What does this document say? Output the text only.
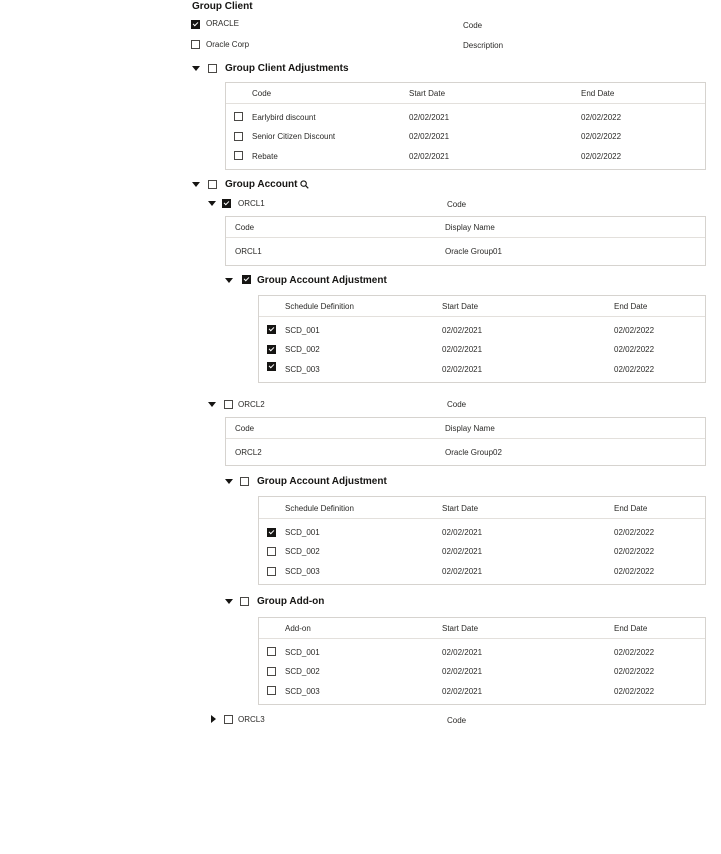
Group Client
ORACLE	Code
Oracle Corp	Description
Group Client Adjustments
Code	Start Date	End Date
Earlybird discount	02/02/2021	02/02/2022
Senior Citizen Discount	02/02/2021	02/02/2022
Rebate	02/02/2021	02/02/2022
Group Account
ORCL1	Code
Code	Display Name
ORCL1	Oracle Group01
Group Account Adjustment
Schedule Definition	Start Date	End Date
SCD_001	02/02/2021	02/02/2022
SCD_002	02/02/2021	02/02/2022
SCD_003	02/02/2021	02/02/2022
ORCL2	Code
Code	Display Name
ORCL2	Oracle Group02
Group Account Adjustment
Schedule Definition	Start Date	End Date
SCD_001	02/02/2021	02/02/2022
SCD_002	02/02/2021	02/02/2022
SCD_003	02/02/2021	02/02/2022
Group Add-on
Add-on	Start Date	End Date
SCD_001	02/02/2021	02/02/2022
SCD_002	02/02/2021	02/02/2022
SCD_003	02/02/2021	02/02/2022
ORCL3	Code
